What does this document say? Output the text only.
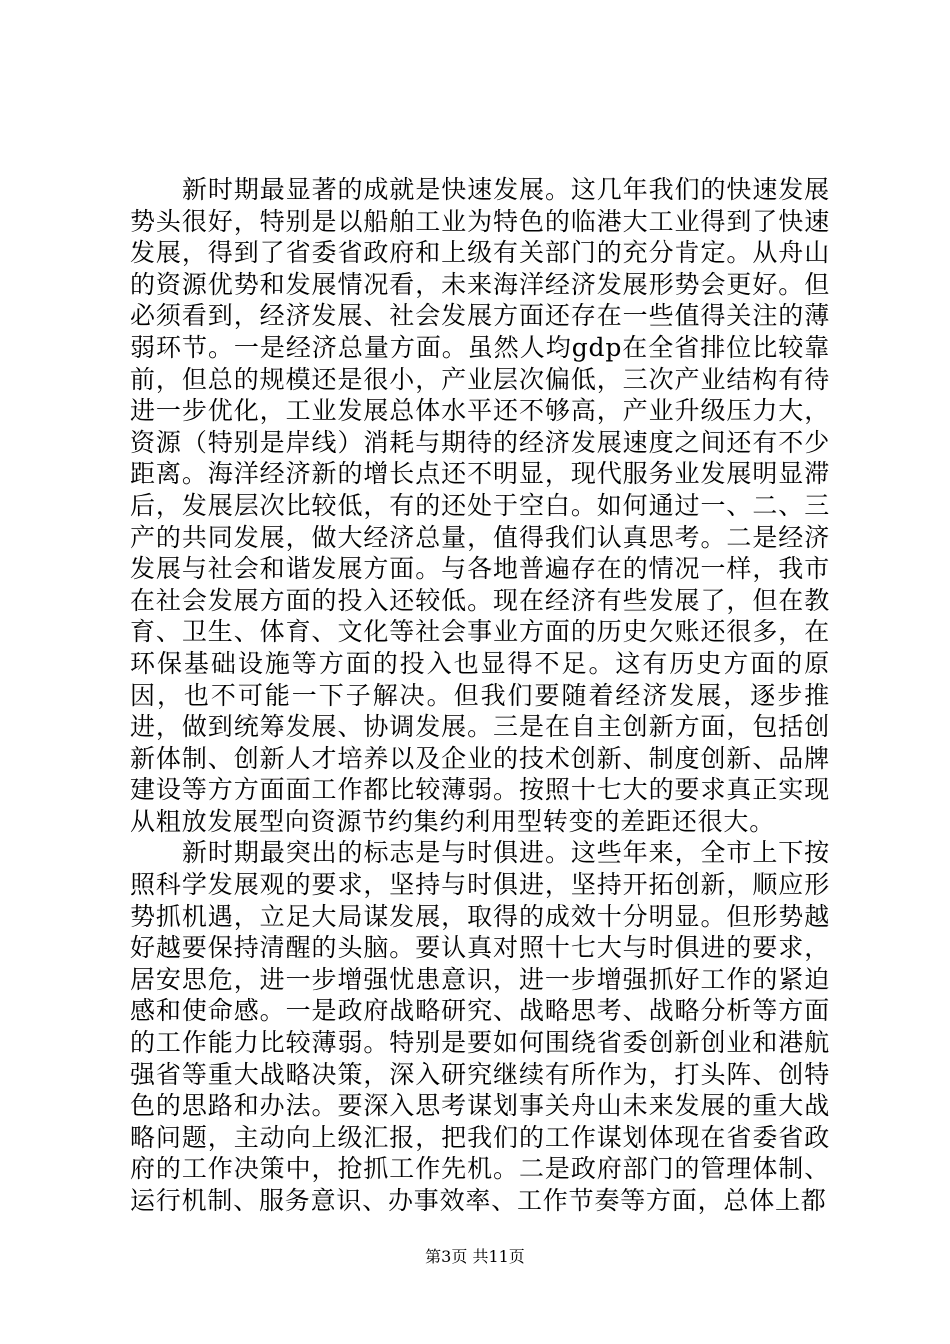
新时期最显著的成就是快速发展。这几年我们的快速发展势头很好，特别是以船舶工业为特色的临港大工业得到了快速发展，得到了省委省政府和上级有关部门的充分肯定。从舟山的资源优势和发展情况看，未来海洋经济发展形势会更好。但必须看到，经济发展、社会发展方面还存在一些值得关注的薄弱环节。一是经济总量方面。虽然人均gdp在全省排位比较靠前，但总的规模还是很小，产业层次偏低，三次产业结构有待进一步优化，工业发展总体水平还不够高，产业升级压力大，资源（特别是岸线）消耗与期待的经济发展速度之间还有不少距离。海洋经济新的增长点还不明显，现代服务业发展明显滞后，发展层次比较低，有的还处于空白。如何通过一、二、三产的共同发展，做大经济总量，值得我们认真思考。二是经济发展与社会和谐发展方面。与各地普遍存在的情况一样，我市在社会发展方面的投入还较低。现在经济有些发展了，但在教育、卫生、体育、文化等社会事业方面的历史欠账还很多，在环保基础设施等方面的投入也显得不足。这有历史方面的原因，也不可能一下子解决。但我们要随着经济发展，逐步推进，做到统筹发展、协调发展。三是在自主创新方面，包括创新体制、创新人才培养以及企业的技术创新、制度创新、品牌建设等方方面面工作都比较薄弱。按照十七大的要求真正实现从粗放发展型向资源节约集约利用型转变的差距还很大。

新时期最突出的标志是与时俱进。这些年来，全市上下按照科学发展观的要求，坚持与时俱进，坚持开拓创新，顺应形势抓机遇，立足大局谋发展，取得的成效十分明显。但形势越好越要保持清醒的头脑。要认真对照十七大与时俱进的要求，居安思危，进一步增强忧患意识，进一步增强抓好工作的紧迫感和使命感。一是政府战略研究、战略思考、战略分析等方面的工作能力比较薄弱。特别是要如何围绕省委创新创业和港航强省等重大战略决策，深入研究继续有所作为，打头阵、创特色的思路和办法。要深入思考谋划事关舟山未来发展的重大战略问题，主动向上级汇报，把我们的工作谋划体现在省委省政府的工作决策中，抢抓工作先机。二是政府部门的管理体制、运行机制、服务意识、办事效率、工作节奏等方面，总体上都

第3页 共11页
